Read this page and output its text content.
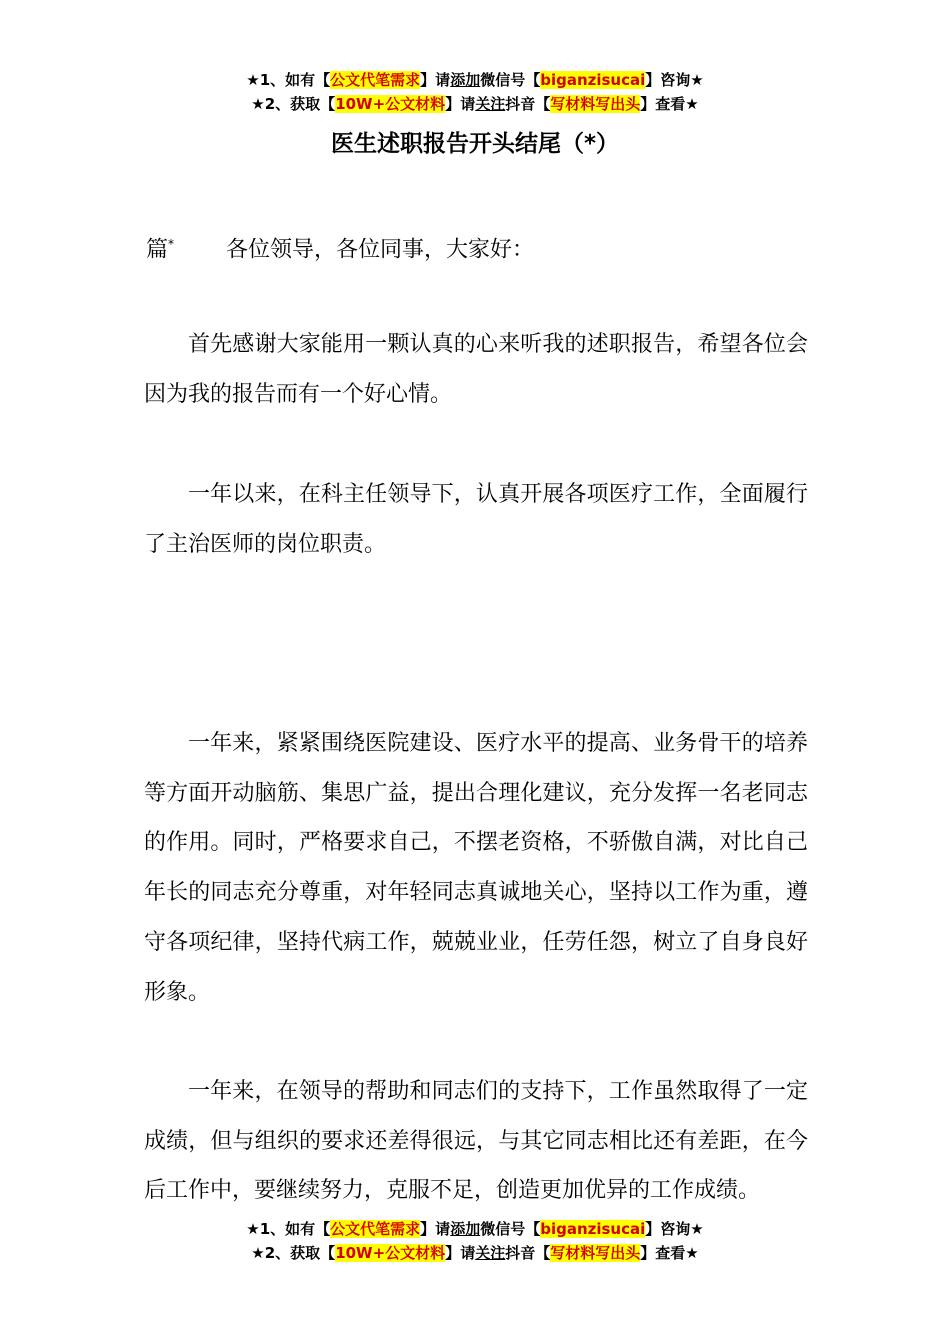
★1、如有【公文代笔需求】请添加微信号【biganzisucai】咨询★
★2、获取【10W+公文材料】请关注抖音【写材料写出头】查看★
医生述职报告开头结尾（*）
篇* 各位领导，各位同事，大家好：

首先感谢大家能用一颗认真的心来听我的述职报告，希望各位会因为我的报告而有一个好心情。

一年以来，在科主任领导下，认真开展各项医疗工作，全面履行了主治医师的岗位职责。

一年来，紧紧围绕医院建设、医疗水平的提高、业务骨干的培养等方面开动脑筋、集思广益，提出合理化建议，充分发挥一名老同志的作用。同时，严格要求自己，不摆老资格，不骄傲自满，对比自己年长的同志充分尊重，对年轻同志真诚地关心，坚持以工作为重，遵守各项纪律，坚持代病工作，兢兢业业，任劳任怨，树立了自身良好形象。

一年来，在领导的帮助和同志们的支持下，工作虽然取得了一定成绩，但与组织的要求还差得很远，与其它同志相比还有差距，在今后工作中，要继续努力，克服不足，创造更加优异的工作成绩。

★1、如有【公文代笔需求】请添加微信号【biganzisucai】咨询★
★2、获取【10W+公文材料】请关注抖音【写材料写出头】查看★
